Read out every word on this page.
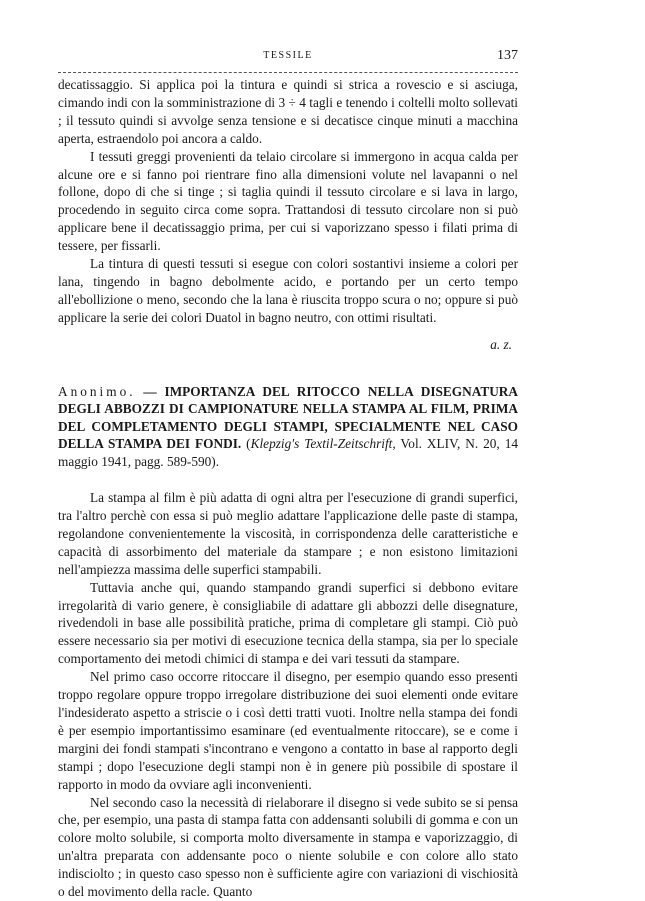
TESSILE	137

decatissaggio. Si applica poi la tintura e quindi si strica a rovescio e si asciuga, cimando indi con la somministrazione di 3 ÷ 4 tagli e tenendo i coltelli molto sollevati ; il tessuto quindi si avvolge senza tensione e si decatisce cinque minuti a macchina aperta, estraendolo poi ancora a caldo.

I tessuti greggi provenienti da telaio circolare si immergono in acqua calda per alcune ore e si fanno poi rientrare fino alla dimensioni volute nel lavapanni o nel follone, dopo di che si tinge ; si taglia quindi il tessuto circolare e si lava in largo, procedendo in seguito circa come sopra. Trattandosi di tessuto circolare non si può applicare bene il decatissaggio prima, per cui si vaporizzano spesso i filati prima di tessere, per fissarli.

La tintura di questi tessuti si esegue con colori sostantivi insieme a colori per lana, tingendo in bagno debolmente acido, e portando per un certo tempo all'ebollizione o meno, secondo che la lana è riuscita troppo scura o no; oppure si può applicare la serie dei colori Duatol in bagno neutro, con ottimi risultati.

a. z.
Anonimo. — IMPORTANZA DEL RITOCCO NELLA DISEGNATURA DEGLI ABBOZZI DI CAMPIONATURE NELLA STAMPA AL FILM, PRIMA DEL COMPLETAMENTO DEGLI STAMPI, SPECIALMENTE NEL CASO DELLA STAMPA DEI FONDI. (Klepzig's Textil-Zeitschrift, Vol. XLIV, N. 20, 14 maggio 1941, pagg. 589-590).

La stampa al film è più adatta di ogni altra per l'esecuzione di grandi superfici, tra l'altro perchè con essa si può meglio adattare l'applicazione delle paste di stampa, regolandone convenientemente la viscosità, in corrispondenza delle caratteristiche e capacità di assorbimento del materiale da stampare ; e non esistono limitazioni nell'ampiezza massima delle superfici stampabili.

Tuttavia anche qui, quando stampando grandi superfici si debbono evitare irregolarità di vario genere, è consigliabile di adattare gli abbozzi delle disegnature, rivedendoli in base alle possibilità pratiche, prima di completare gli stampi. Ciò può essere necessario sia per motivi di esecuzione tecnica della stampa, sia per lo speciale comportamento dei metodi chimici di stampa e dei vari tessuti da stampare.

Nel primo caso occorre ritoccare il disegno, per esempio quando esso presenti troppo regolare oppure troppo irregolare distribuzione dei suoi elementi onde evitare l'indesiderato aspetto a striscie o i così detti tratti vuoti. Inoltre nella stampa dei fondi è per esempio importantissimo esaminare (ed eventualmente ritoccare), se e come i margini dei fondi stampati s'incontrano e vengono a contatto in base al rapporto degli stampi ; dopo l'esecuzione degli stampi non è in genere più possibile di spostare il rapporto in modo da ovviare agli inconvenienti.

Nel secondo caso la necessità di rielaborare il disegno si vede subito se si pensa che, per esempio, una pasta di stampa fatta con addensanti solubili di gomma e con un colore molto solubile, si comporta molto diversamente in stampa e vaporizzaggio, di un'altra preparata con addensante poco o niente solubile e con colore allo stato indisciolto ; in questo caso spesso non è sufficiente agire con variazioni di vischiosità o del movimento della racle. Quanto
